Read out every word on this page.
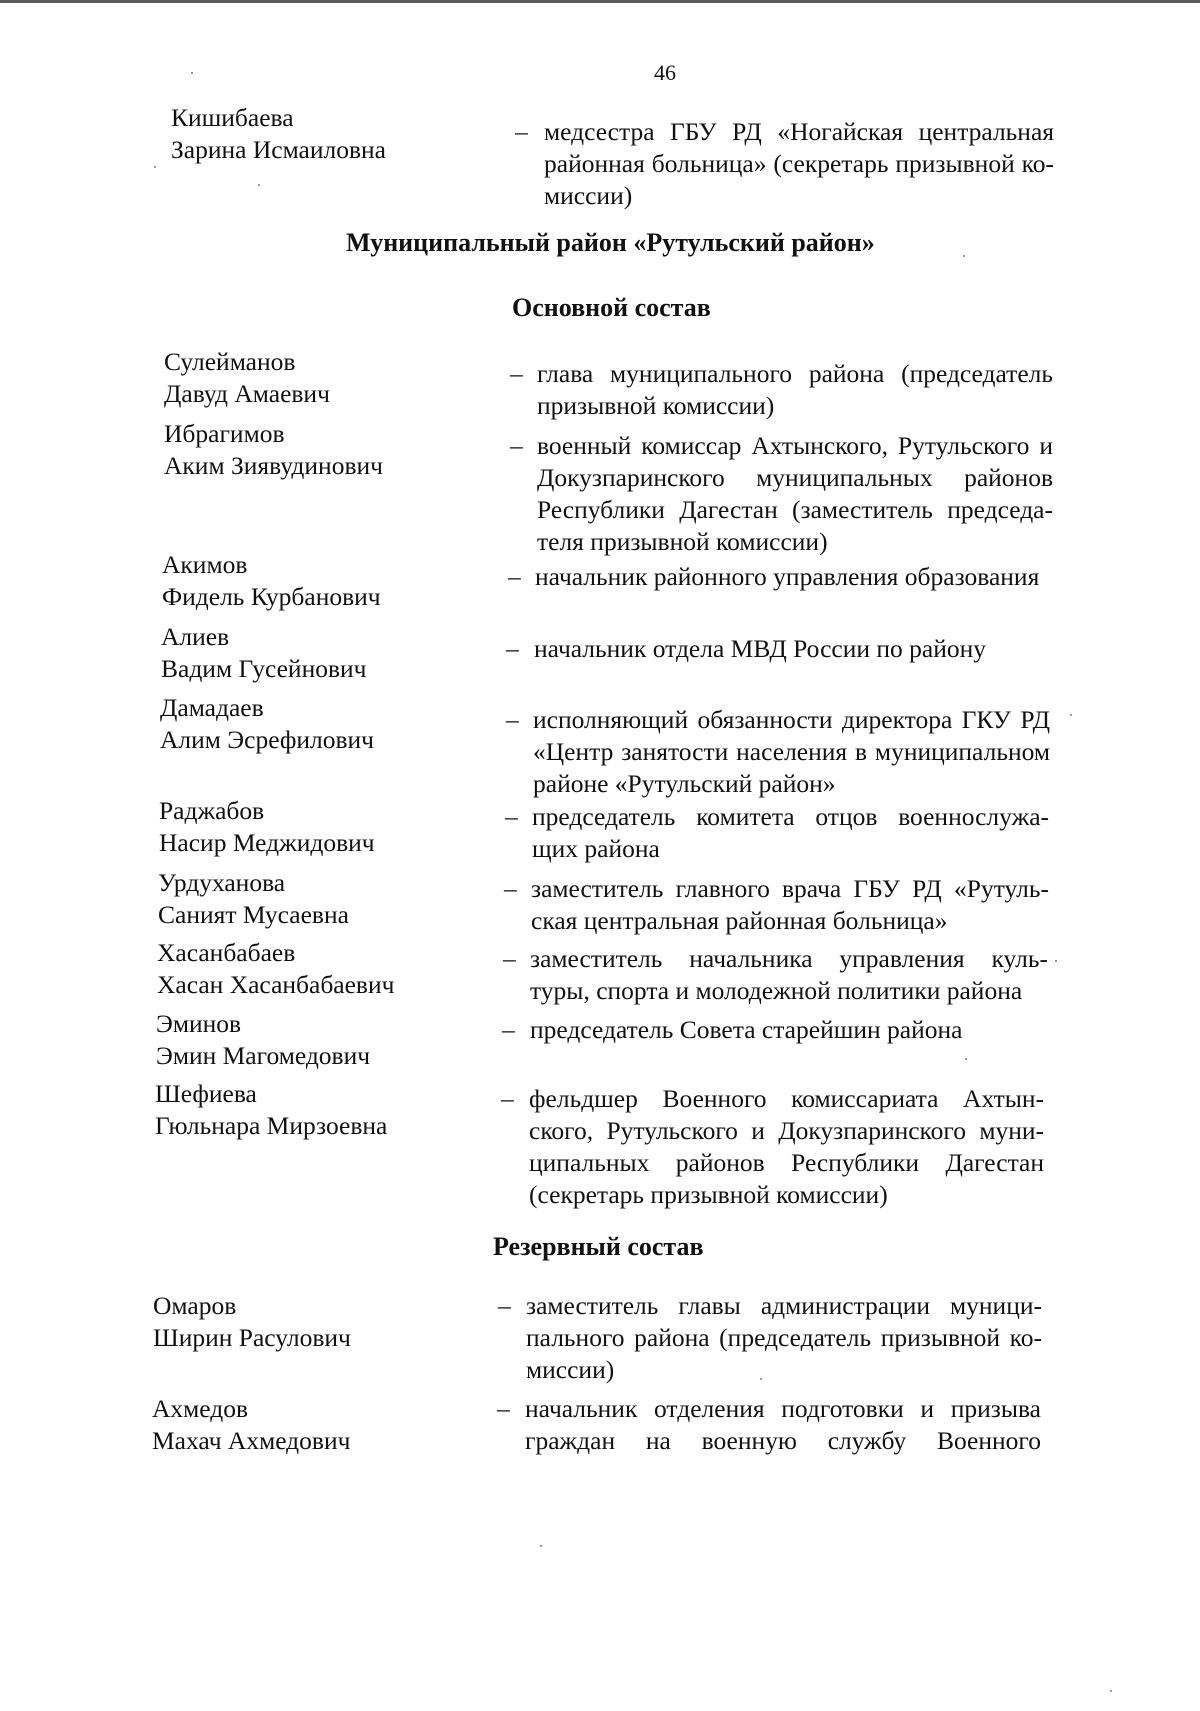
46
Кишибаева
Зарина Исмаиловна
– медсестра ГБУ РД «Ногайская центральная
районная больница» (секретарь призывной ко-
миссии)
Муниципальный район «Рутульский район»
Основной состав
Сулейманов
Давуд Амаевич
– глава муниципального района (председатель
призывной комиссии)
Ибрагимов
Аким Зиявудинович
– военный комиссар Ахтынского, Рутульского и
Докузпаринского муниципальных районов
Республики Дагестан (заместитель председа-
теля призывной комиссии)
Акимов
Фидель Курбанович
– начальник районного управления образования
Алиев
Вадим Гусейнович
– начальник отдела МВД России по району
Дамадаев
Алим Эсрефилович
– исполняющий обязанности директора ГКУ РД
«Центр занятости населения в муниципальном
районе «Рутульский район»
Раджабов
Насир Меджидович
– председатель комитета отцов военнослужа-
щих района
Урдуханова
Саният Мусаевна
– заместитель главного врача ГБУ РД «Рутуль-
ская центральная районная больница»
Хасанбабаев
Хасан Хасанбабаевич
– заместитель начальника управления куль-
туры, спорта и молодежной политики района
Эминов
Эмин Магомедович
– председатель Совета старейшин района
Шефиева
Гюльнара Мирзоевна
– фельдшер Военного комиссариата Ахтын-
ского, Рутульского и Докузпаринского муни-
ципальных районов Республики Дагестан
(секретарь призывной комиссии)
Резервный состав
Омаров
Ширин Расулович
– заместитель главы администрации муници-
пального района (председатель призывной ко-
миссии)
Ахмедов
Махач Ахмедович
– начальник отделения подготовки и призыва
граждан на военную службу Военного
